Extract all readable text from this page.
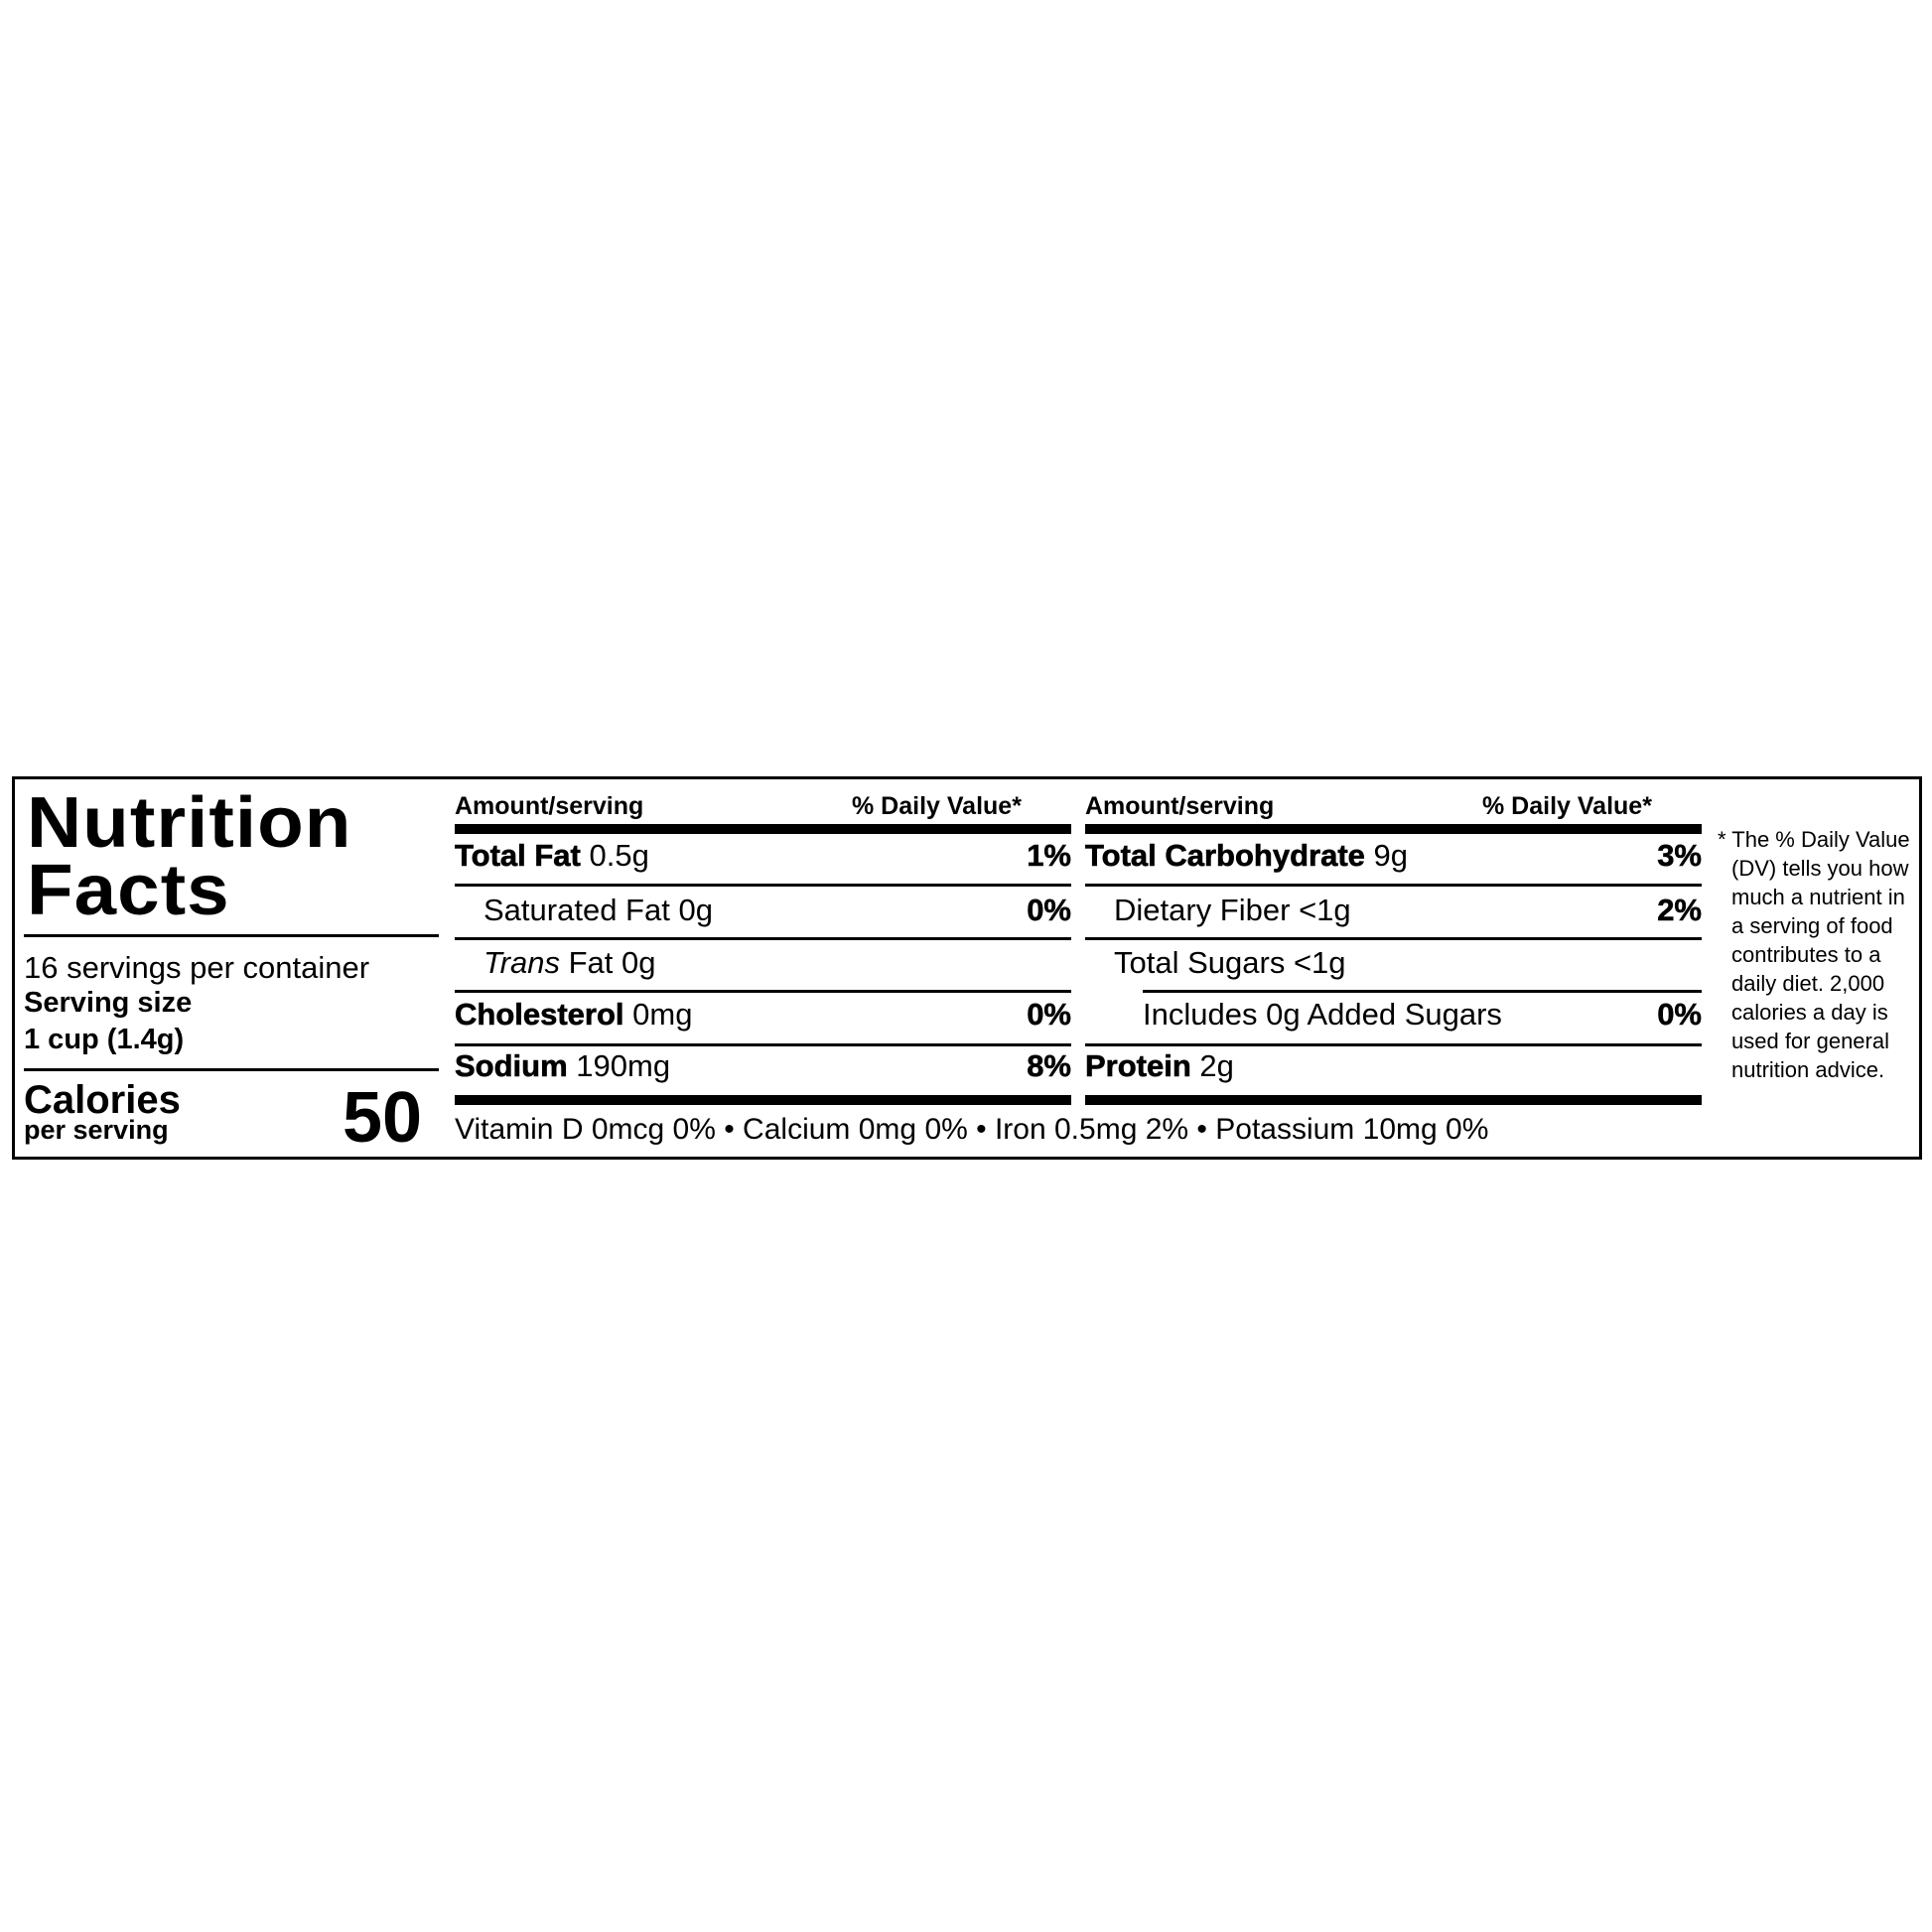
Nutrition
Facts
16 servings per container
Serving size
1 cup (1.4g)
Calories
per serving 50
Amount/serving	% Daily Value*
Total Fat 0.5g	1%
Saturated Fat 0g	0%
Trans Fat 0g
Cholesterol 0mg	0%
Sodium 190mg	8%
Amount/serving	% Daily Value*
Total Carbohydrate 9g	3%
Dietary Fiber <1g	2%
Total Sugars <1g
Includes 0g Added Sugars	0%
Protein 2g
Vitamin D 0mcg 0% • Calcium 0mg 0% • Iron 0.5mg 2% • Potassium 10mg 0%
* The % Daily Value
(DV) tells you how
much a nutrient in
a serving of food
contributes to a
daily diet. 2,000
calories a day is
used for general
nutrition advice.
